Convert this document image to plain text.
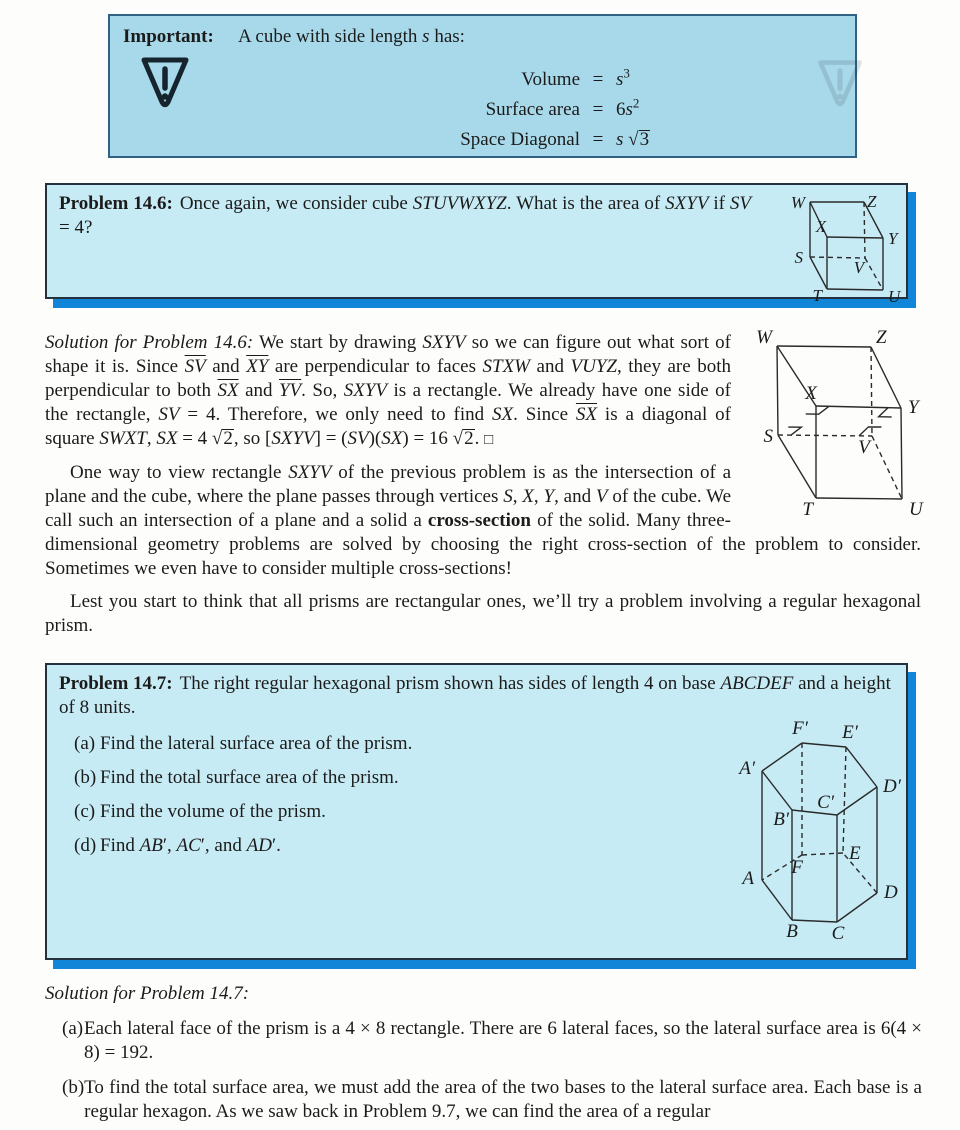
Important: A cube with side length s has:
Volume = $s^3$
Surface area = $6s^2$
Space Diagonal = s √3
Problem 14.6: Once again, we consider cube STUVWXYZ. What is the area of SXYV if SV = 4?
W	Z
X
Y
S
V
T	U
W	Z
X
Y
S
V
T	U

Solution for Problem 14.6: We start by drawing SXYV so we can figure out what sort of shape it is. Since $\overline{SV}$ and $\overline{XY}$ are perpendicular to faces STXW and VUYZ, they are both perpendicular to both $\overline{SX}$ and $\overline{YV}$. So, SXYV is a rectangle. We already have one side of the rectangle, SV = 4. Therefore, we only need to find SX. Since $\overline{SX}$ is a diagonal of square SWXT, SX = 4 √2, so [SXYV] = (SV)(SX) = 16 √2. □

One way to view rectangle SXYV of the previous problem is as the intersection of a plane and the cube, where the plane passes through vertices S, X, Y, and V of the cube. We call such an intersection of a plane and a solid a cross-section of the solid. Many three-dimensional geometry problems are solved by choosing the right cross-section of the problem to consider. Sometimes we even have to consider multiple cross-sections!

Lest you start to think that all prisms are rectangular ones, we’ll try a problem involving a regular hexagonal prism.

Problem 14.7: The right regular hexagonal prism shown has sides of length 4 on base ABCDEF and a height of 8 units.
(a) Find the lateral surface area of the prism.
(b) Find the total surface area of the prism.
(c) Find the volume of the prism.
(d) Find AB′, AC′, and AD′.
F′ E′
A′
D′
C′
B′
F
E
A
D
B C

Solution for Problem 14.7:

(a) Each lateral face of the prism is a 4 × 8 rectangle. There are 6 lateral faces, so the lateral surface area is 6(4 × 8) = 192.
(b) To find the total surface area, we must add the area of the two bases to the lateral surface area. Each base is a regular hexagon. As we saw back in Problem 9.7, we can find the area of a regular
